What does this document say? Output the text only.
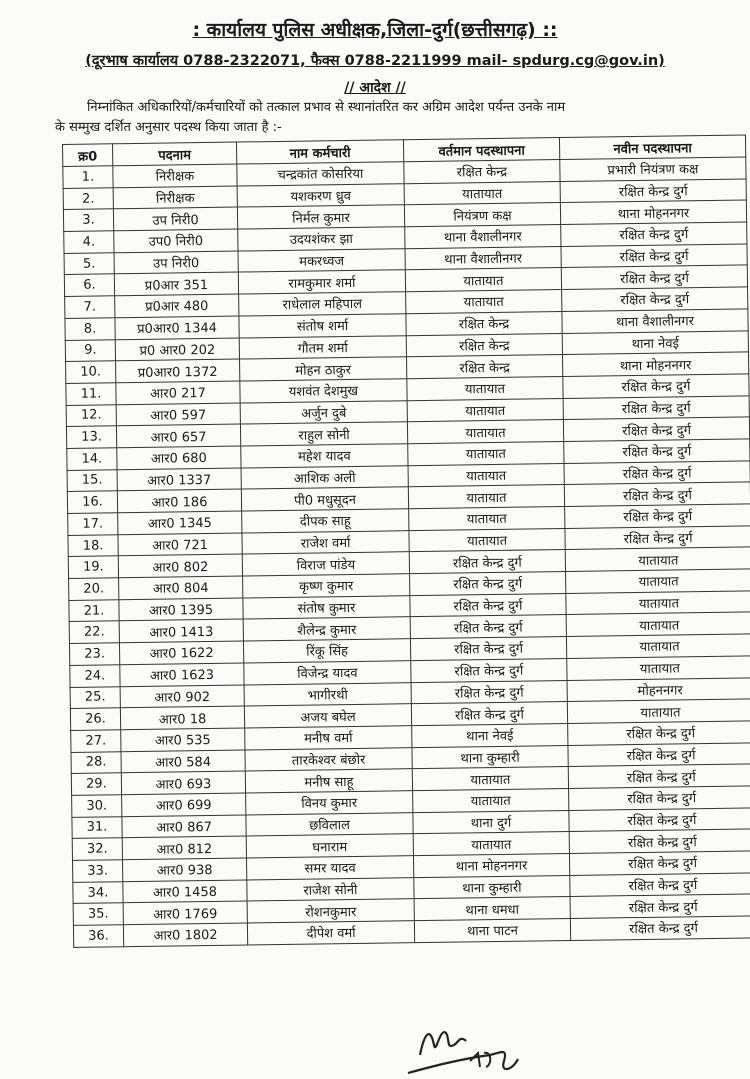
: कार्यालय पुलिस अधीक्षक,जिला-दुर्ग(छत्तीसगढ़) ::
(दूरभाष कार्यालय 0788-2322071, फैक्स 0788-2211999 mail- spdurg.cg@gov.in)
// आदेश //
निम्नांकित अधिकारियों/कर्मचारियों को तत्काल प्रभाव से स्थानांतरित कर अग्रिम आदेश पर्यन्त उनके नाम
के सम्मुख दर्शित अनुसार पदस्थ किया जाता है :-
क्र0	पदनाम	नाम कर्मचारी	वर्तमान पदस्थापना	नवीन पदस्थापना
1.	निरीक्षक	चन्द्रकांत कोसरिया	रक्षित केन्द्र	प्रभारी नियंत्रण कक्ष
2.	निरीक्षक	यशकरण ध्रुव	यातायात	रक्षित केन्द्र दुर्ग
3.	उप निरी0	निर्मल कुमार	नियंत्रण कक्ष	थाना मोहननगर
4.	उप0 निरी0	उदयशंकर झा	थाना वैशालीनगर	रक्षित केन्द्र दुर्ग
5.	उप निरी0	मकरध्वज	थाना वैशालीनगर	रक्षित केन्द्र दुर्ग
6.	प्र0आर 351	रामकुमार शर्मा	यातायात	रक्षित केन्द्र दुर्ग
7.	प्र0आर 480	राधेलाल महिपाल	यातायात	रक्षित केन्द्र दुर्ग
8.	प्र0आर0 1344	संतोष शर्मा	रक्षित केन्द्र	थाना वैशालीनगर
9.	प्र0 आर0 202	गौतम शर्मा	रक्षित केन्द्र	थाना नेवई
10.	प्र0आर0 1372	मोहन ठाकुर	रक्षित केन्द्र	थाना मोहननगर
11.	आर0 217	यशवंत देशमुख	यातायात	रक्षित केन्द्र दुर्ग
12.	आर0 597	अर्जुन दुबे	यातायात	रक्षित केन्द्र दुर्ग
13.	आर0 657	राहुल सोनी	यातायात	रक्षित केन्द्र दुर्ग
14.	आर0 680	महेश यादव	यातायात	रक्षित केन्द्र दुर्ग
15.	आर0 1337	आशिक अली	यातायात	रक्षित केन्द्र दुर्ग
16.	आर0 186	पी0 मधुसूदन	यातायात	रक्षित केन्द्र दुर्ग
17.	आर0 1345	दीपक साहू	यातायात	रक्षित केन्द्र दुर्ग
18.	आर0 721	राजेश वर्मा	यातायात	रक्षित केन्द्र दुर्ग
19.	आर0 802	विराज पांडेय	रक्षित केन्द्र दुर्ग	यातायात
20.	आर0 804	कृष्ण कुमार	रक्षित केन्द्र दुर्ग	यातायात
21.	आर0 1395	संतोष कुमार	रक्षित केन्द्र दुर्ग	यातायात
22.	आर0 1413	शैलेन्द्र कुमार	रक्षित केन्द्र दुर्ग	यातायात
23.	आर0 1622	रिंकू सिंह	रक्षित केन्द्र दुर्ग	यातायात
24.	आर0 1623	विजेन्द्र यादव	रक्षित केन्द्र दुर्ग	यातायात
25.	आर0 902	भागीरथी	रक्षित केन्द्र दुर्ग	मोहननगर
26.	आर0 18	अजय बघेल	रक्षित केन्द्र दुर्ग	यातायात
27.	आर0 535	मनीष वर्मा	थाना नेवई	रक्षित केन्द्र दुर्ग
28.	आर0 584	तारकेश्वर बंछोर	थाना कुम्हारी	रक्षित केन्द्र दुर्ग
29.	आर0 693	मनीष साहू	यातायात	रक्षित केन्द्र दुर्ग
30.	आर0 699	विनय कुमार	यातायात	रक्षित केन्द्र दुर्ग
31.	आर0 867	छविलाल	थाना दुर्ग	रक्षित केन्द्र दुर्ग
32.	आर0 812	घनाराम	यातायात	रक्षित केन्द्र दुर्ग
33.	आर0 938	समर यादव	थाना मोहननगर	रक्षित केन्द्र दुर्ग
34.	आर0 1458	राजेश सोनी	थाना कुम्हारी	रक्षित केन्द्र दुर्ग
35.	आर0 1769	रोशनकुमार	थाना धमधा	रक्षित केन्द्र दुर्ग
36.	आर0 1802	दीपेश वर्मा	थाना पाटन	रक्षित केन्द्र दुर्ग
